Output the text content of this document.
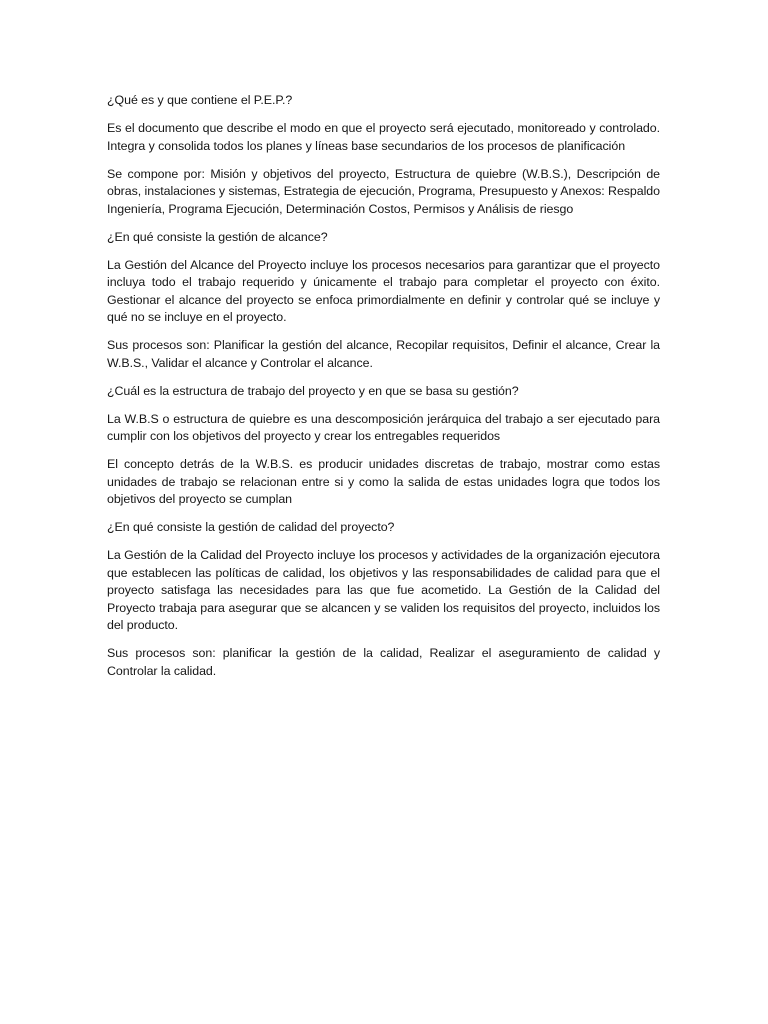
¿Qué es y que contiene el P.E.P.?

Es el documento que describe el modo en que el proyecto será ejecutado, monitoreado y controlado. Integra y consolida todos los planes y líneas base secundarios de los procesos de planificación

Se compone por: Misión y objetivos del proyecto, Estructura de quiebre (W.B.S.), Descripción de obras, instalaciones y sistemas, Estrategia de ejecución, Programa, Presupuesto y Anexos: Respaldo Ingeniería, Programa Ejecución, Determinación Costos, Permisos y Análisis de riesgo

¿En qué consiste la gestión de alcance?

La Gestión del Alcance del Proyecto incluye los procesos necesarios para garantizar que el proyecto incluya todo el trabajo requerido y únicamente el trabajo para completar el proyecto con éxito. Gestionar el alcance del proyecto se enfoca primordialmente en definir y controlar qué se incluye y qué no se incluye en el proyecto.

Sus procesos son: Planificar la gestión del alcance, Recopilar requisitos, Definir el alcance, Crear la W.B.S., Validar el alcance y Controlar el alcance.

¿Cuál es la estructura de trabajo del proyecto y en que se basa su gestión?

La W.B.S o estructura de quiebre es una descomposición jerárquica del trabajo a ser ejecutado para cumplir con los objetivos del proyecto y crear los entregables requeridos

El concepto detrás de la W.B.S. es producir unidades discretas de trabajo, mostrar como estas unidades de trabajo se relacionan entre si y como la salida de estas unidades logra que todos los objetivos del proyecto se cumplan

¿En qué consiste la gestión de calidad del proyecto?

La Gestión de la Calidad del Proyecto incluye los procesos y actividades de la organización ejecutora que establecen las políticas de calidad, los objetivos y las responsabilidades de calidad para que el proyecto satisfaga las necesidades para las que fue acometido. La Gestión de la Calidad del Proyecto trabaja para asegurar que se alcancen y se validen los requisitos del proyecto, incluidos los del producto.

Sus procesos son: planificar la gestión de la calidad, Realizar el aseguramiento de calidad y Controlar la calidad.
